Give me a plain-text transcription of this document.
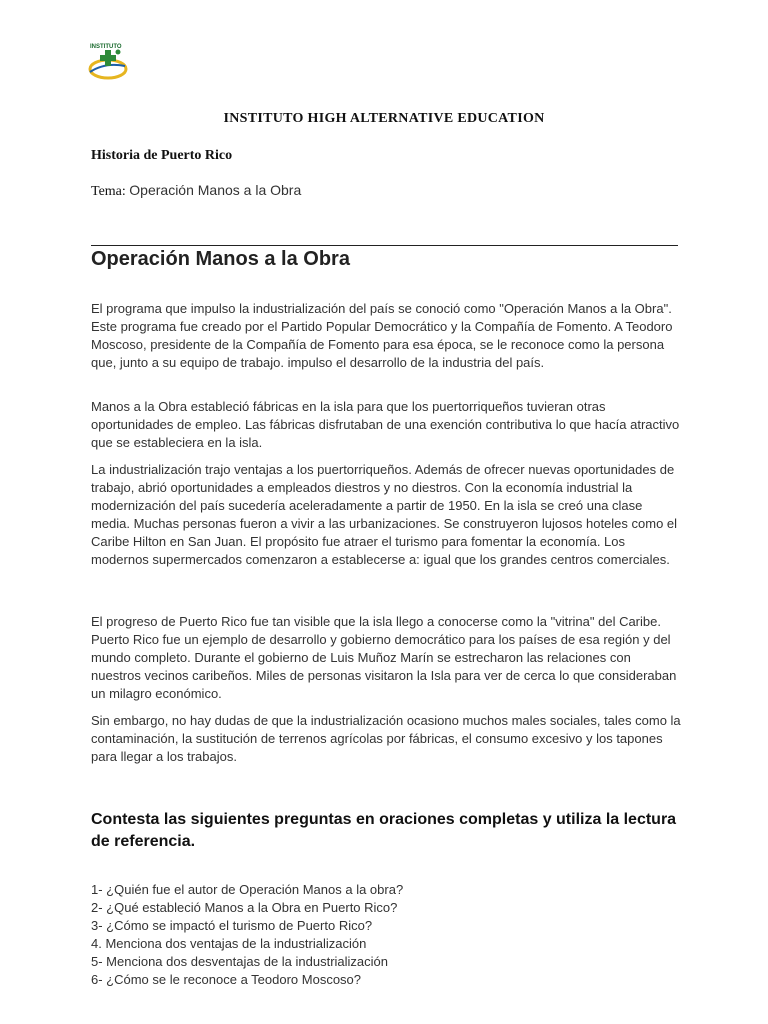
INSTITUTO
INSTITUTO HIGH ALTERNATIVE EDUCATION
Historia de Puerto Rico
Tema: Operación Manos a la Obra
Operación Manos a la Obra

El programa que impulso la industrialización del país se conoció como "Operación Manos a la Obra". Este programa fue creado por el Partido Popular Democrático y la Compañía de Fomento. A Teodoro Moscoso, presidente de la Compañía de Fomento para esa época, se le reconoce como la persona que, junto a su equipo de trabajo. impulso el desarrollo de la industria del país.

Manos a la Obra estableció fábricas en la isla para que los puertorriqueños tuvieran otras oportunidades de empleo. Las fábricas disfrutaban de una exención contributiva lo que hacía atractivo que se estableciera en la isla.

La industrialización trajo ventajas a los puertorriqueños. Además de ofrecer nuevas oportunidades de trabajo, abrió oportunidades a empleados diestros y no diestros. Con la economía industrial la modernización del país sucedería aceleradamente a partir de 1950. En la isla se creó una clase media. Muchas personas fueron a vivir a las urbanizaciones. Se construyeron lujosos hoteles como el Caribe Hilton en San Juan. El propósito fue atraer el turismo para fomentar la economía. Los modernos supermercados comenzaron a establecerse a: igual que los grandes centros comerciales.

El progreso de Puerto Rico fue tan visible que la isla llego a conocerse como la "vitrina" del Caribe. Puerto Rico fue un ejemplo de desarrollo y gobierno democrático para los países de esa región y del mundo completo. Durante el gobierno de Luis Muñoz Marín se estrecharon las relaciones con nuestros vecinos caribeños. Miles de personas visitaron la Isla para ver de cerca lo que consideraban un milagro económico.

Sin embargo, no hay dudas de que la industrialización ocasiono muchos males sociales, tales como la contaminación, la sustitución de terrenos agrícolas por fábricas, el consumo excesivo y los tapones para llegar a los trabajos.

Contesta las siguientes preguntas en oraciones completas y utiliza la lectura de referencia.
1- ¿Quién fue el autor de Operación Manos a la obra?
2- ¿Qué estableció Manos a la Obra en Puerto Rico?
3- ¿Cómo se impactó el turismo de Puerto Rico?
4. Menciona dos ventajas de la industrialización
5- Menciona dos desventajas de la industrialización
6- ¿Cómo se le reconoce a Teodoro Moscoso?
